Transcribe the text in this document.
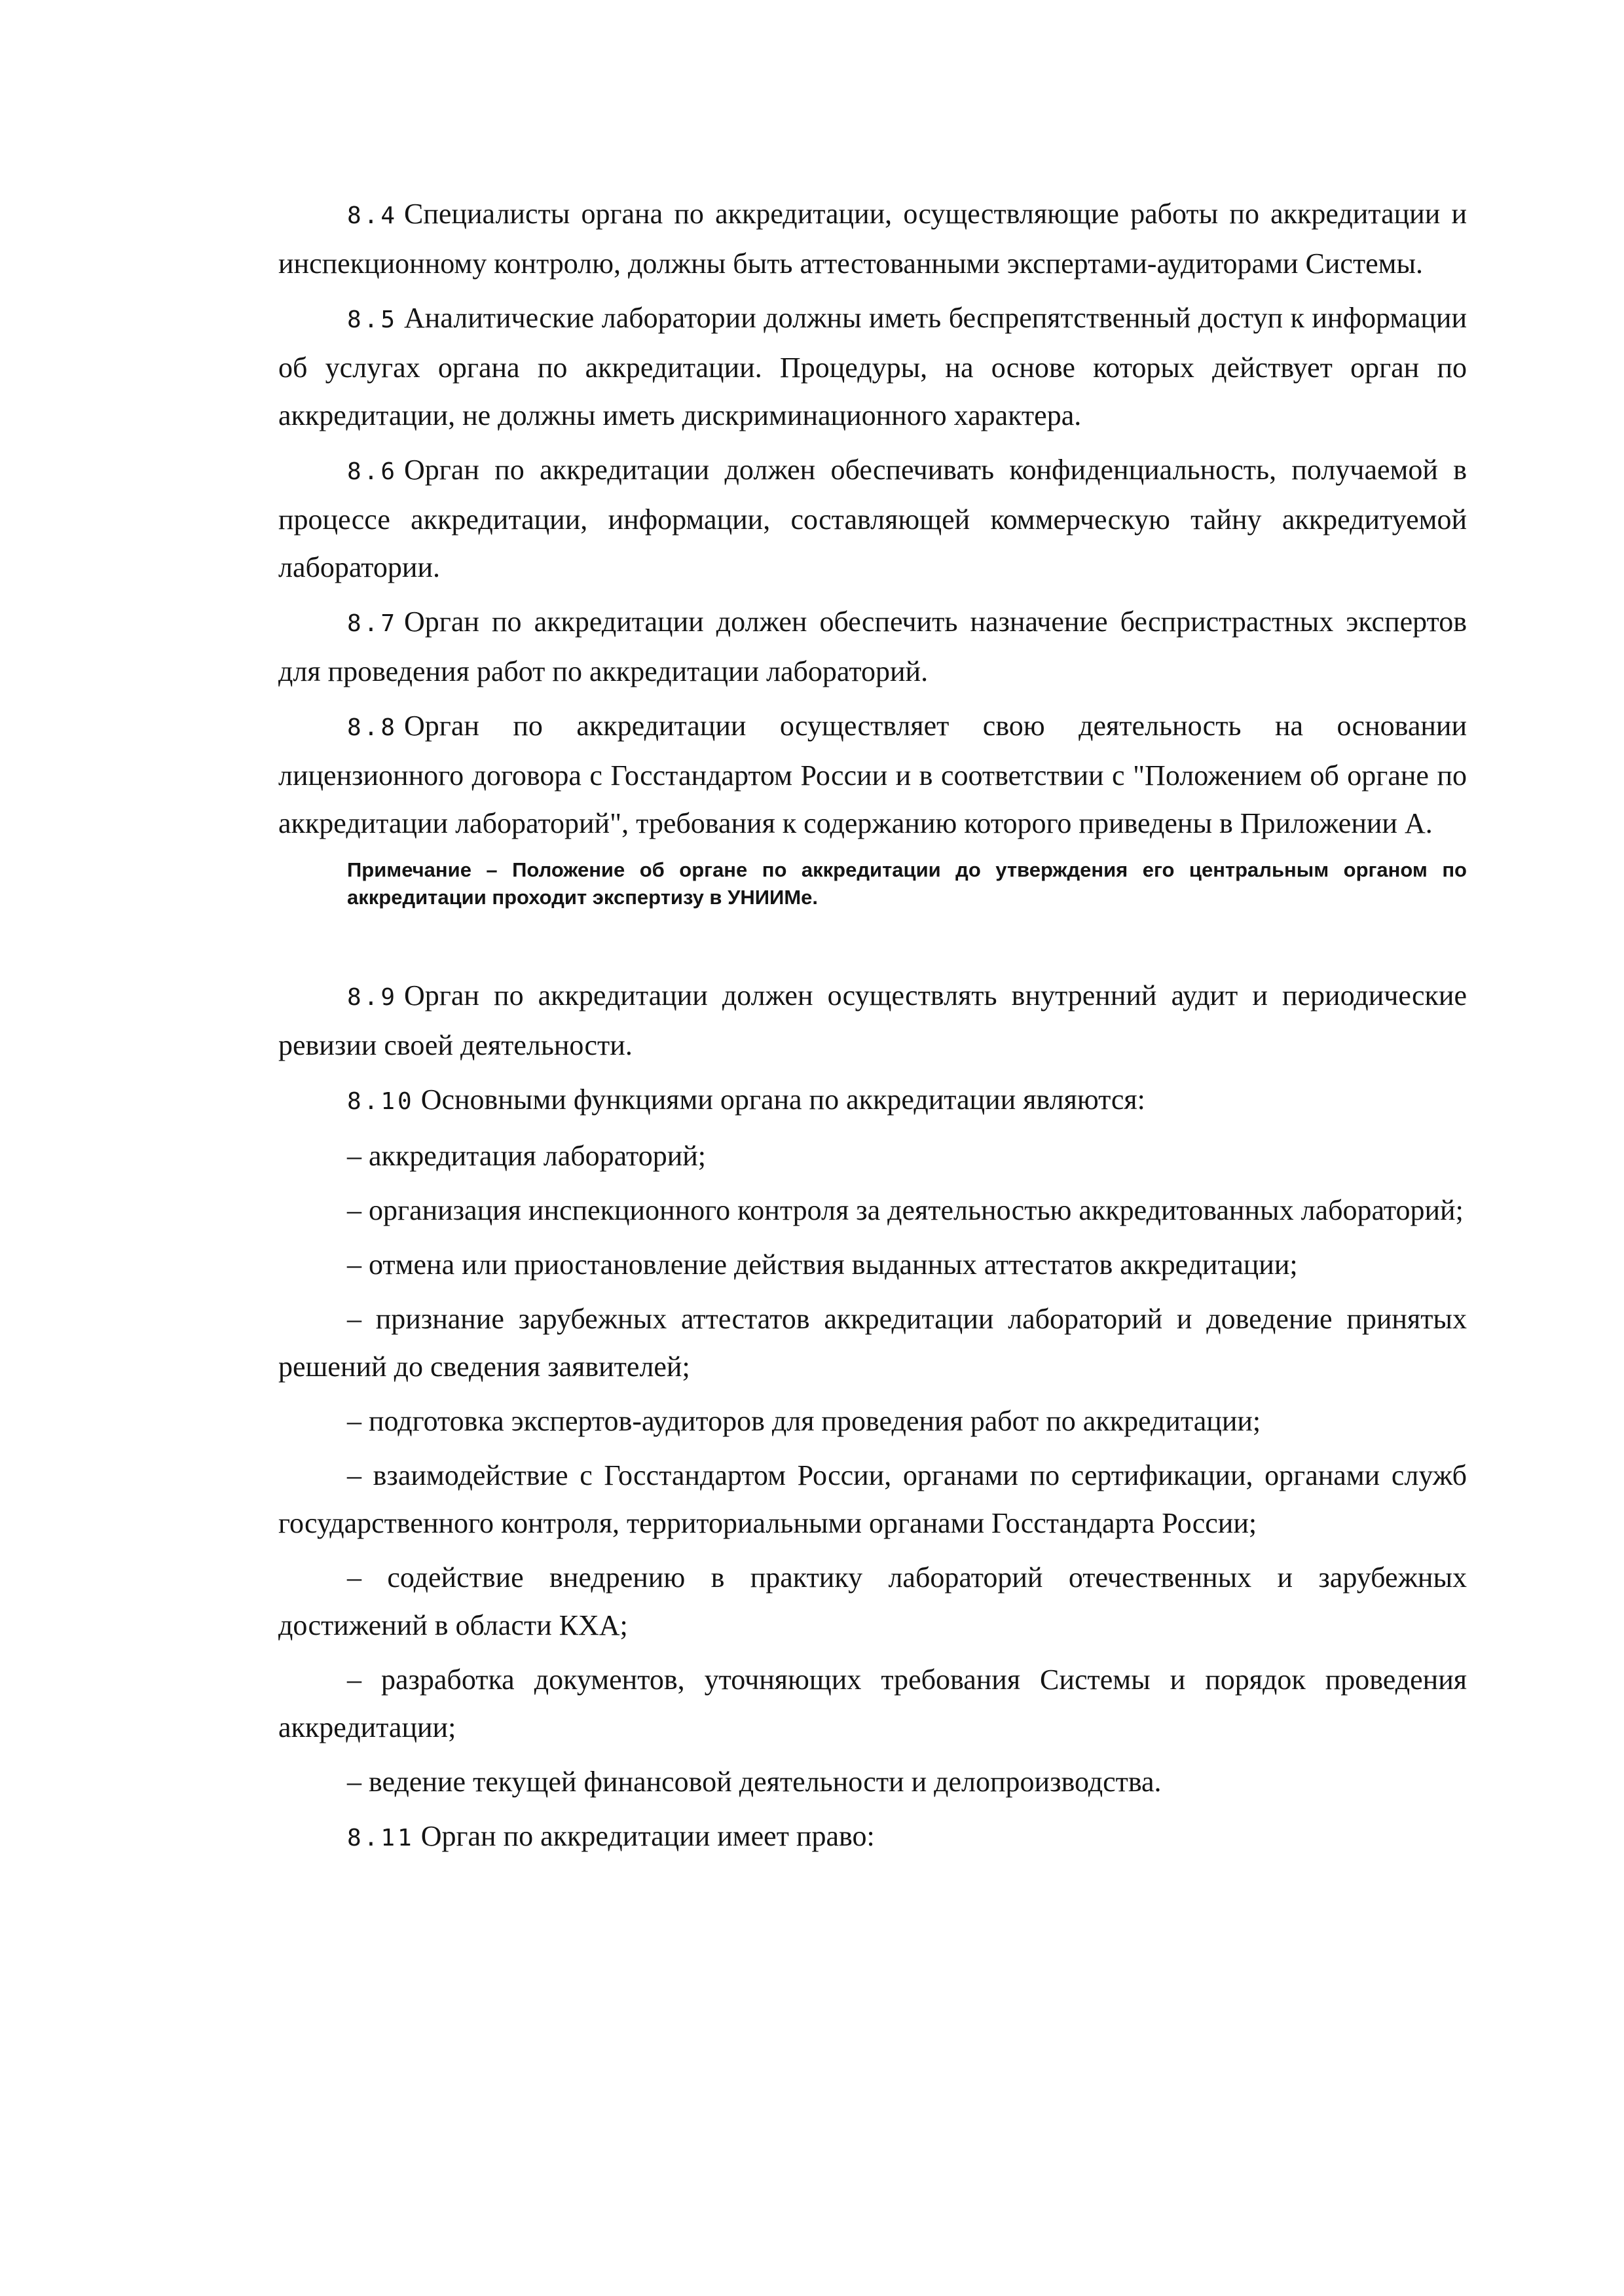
8.4 Специалисты органа по аккредитации, осуществляющие работы по аккредитации и инспекционному контролю, должны быть аттестованными экспертами-аудиторами Системы.

8.5 Аналитические лаборатории должны иметь беспрепятственный доступ к информации об услугах органа по аккредитации. Процедуры, на основе которых действует орган по аккредитации, не должны иметь дискриминационного характера.

8.6 Орган по аккредитации должен обеспечивать конфиденциальность, получаемой в процессе аккредитации, информации, составляющей коммерческую тайну аккредитуемой лаборатории.

8.7 Орган по аккредитации должен обеспечить назначение беспристрастных экспертов для проведения работ по аккредитации лабораторий.

8.8 Орган по аккредитации осуществляет свою деятельность на основании лицензионного договора с Госстандартом России и в соответствии с "Положением об органе по аккредитации лабораторий", требования к содержанию которого приведены в Приложении А.

Примечание – Положение об органе по аккредитации до утверждения его центральным органом по аккредитации проходит экспертизу в УНИИМе.

8.9 Орган по аккредитации должен осуществлять внутренний аудит и периодические ревизии своей деятельности.

8.10 Основными функциями органа по аккредитации являются:

– аккредитация лабораторий;

– организация инспекционного контроля за деятельностью аккредитованных лабораторий;

– отмена или приостановление действия выданных аттестатов аккредитации;

– признание зарубежных аттестатов аккредитации лабораторий и доведение принятых решений до сведения заявителей;

– подготовка экспертов-аудиторов для проведения работ по аккредитации;

– взаимодействие с Госстандартом России, органами по сертификации, органами служб государственного контроля, территориальными органами Госстандарта России;

– содействие внедрению в практику лабораторий отечественных и зарубежных достижений в области КХА;

– разработка документов, уточняющих требования Системы и порядок проведения аккредитации;

– ведение текущей финансовой деятельности и делопроизводства.

8.11 Орган по аккредитации имеет право:
